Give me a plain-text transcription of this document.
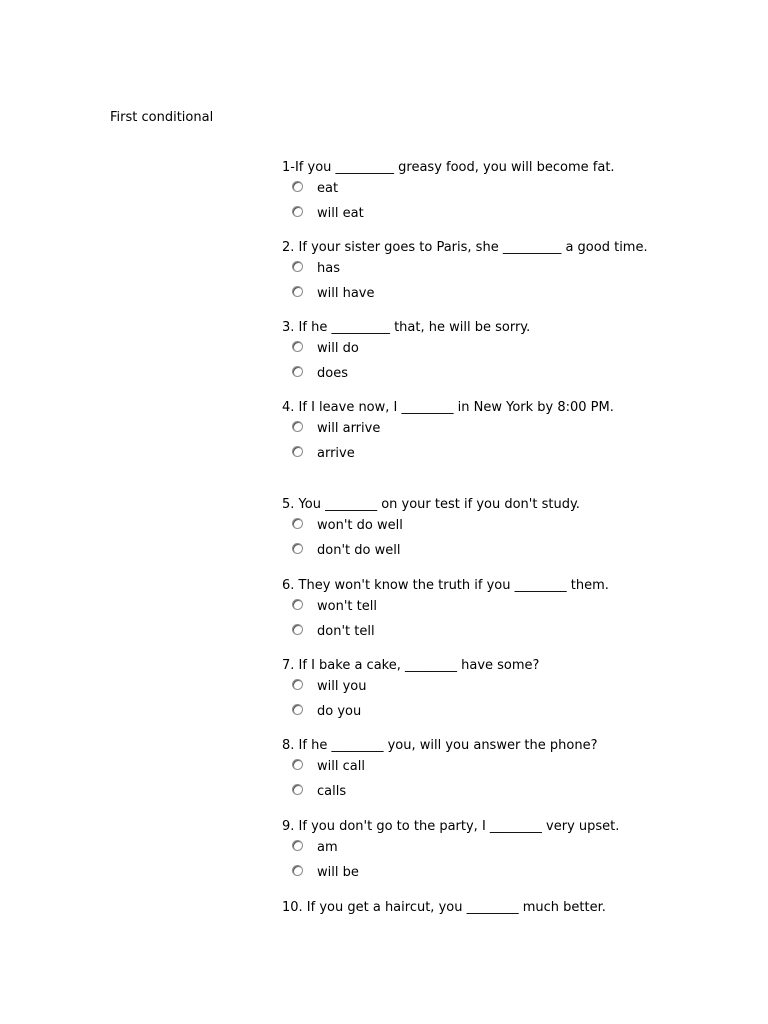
First conditional
1-If you _________ greasy food, you will become fat.
eat
will eat
2. If your sister goes to Paris, she _________ a good time.
has
will have
3. If he _________ that, he will be sorry.
will do
does
4. If I leave now, I ________ in New York by 8:00 PM.
will arrive
arrive
5. You ________ on your test if you don't study.
won't do well
don't do well
6. They won't know the truth if you ________ them.
won't tell
don't tell
7. If I bake a cake, ________ have some?
will you
do you
8. If he ________ you, will you answer the phone?
will call
calls
9. If you don't go to the party, I ________ very upset.
am
will be
10. If you get a haircut, you ________ much better.
